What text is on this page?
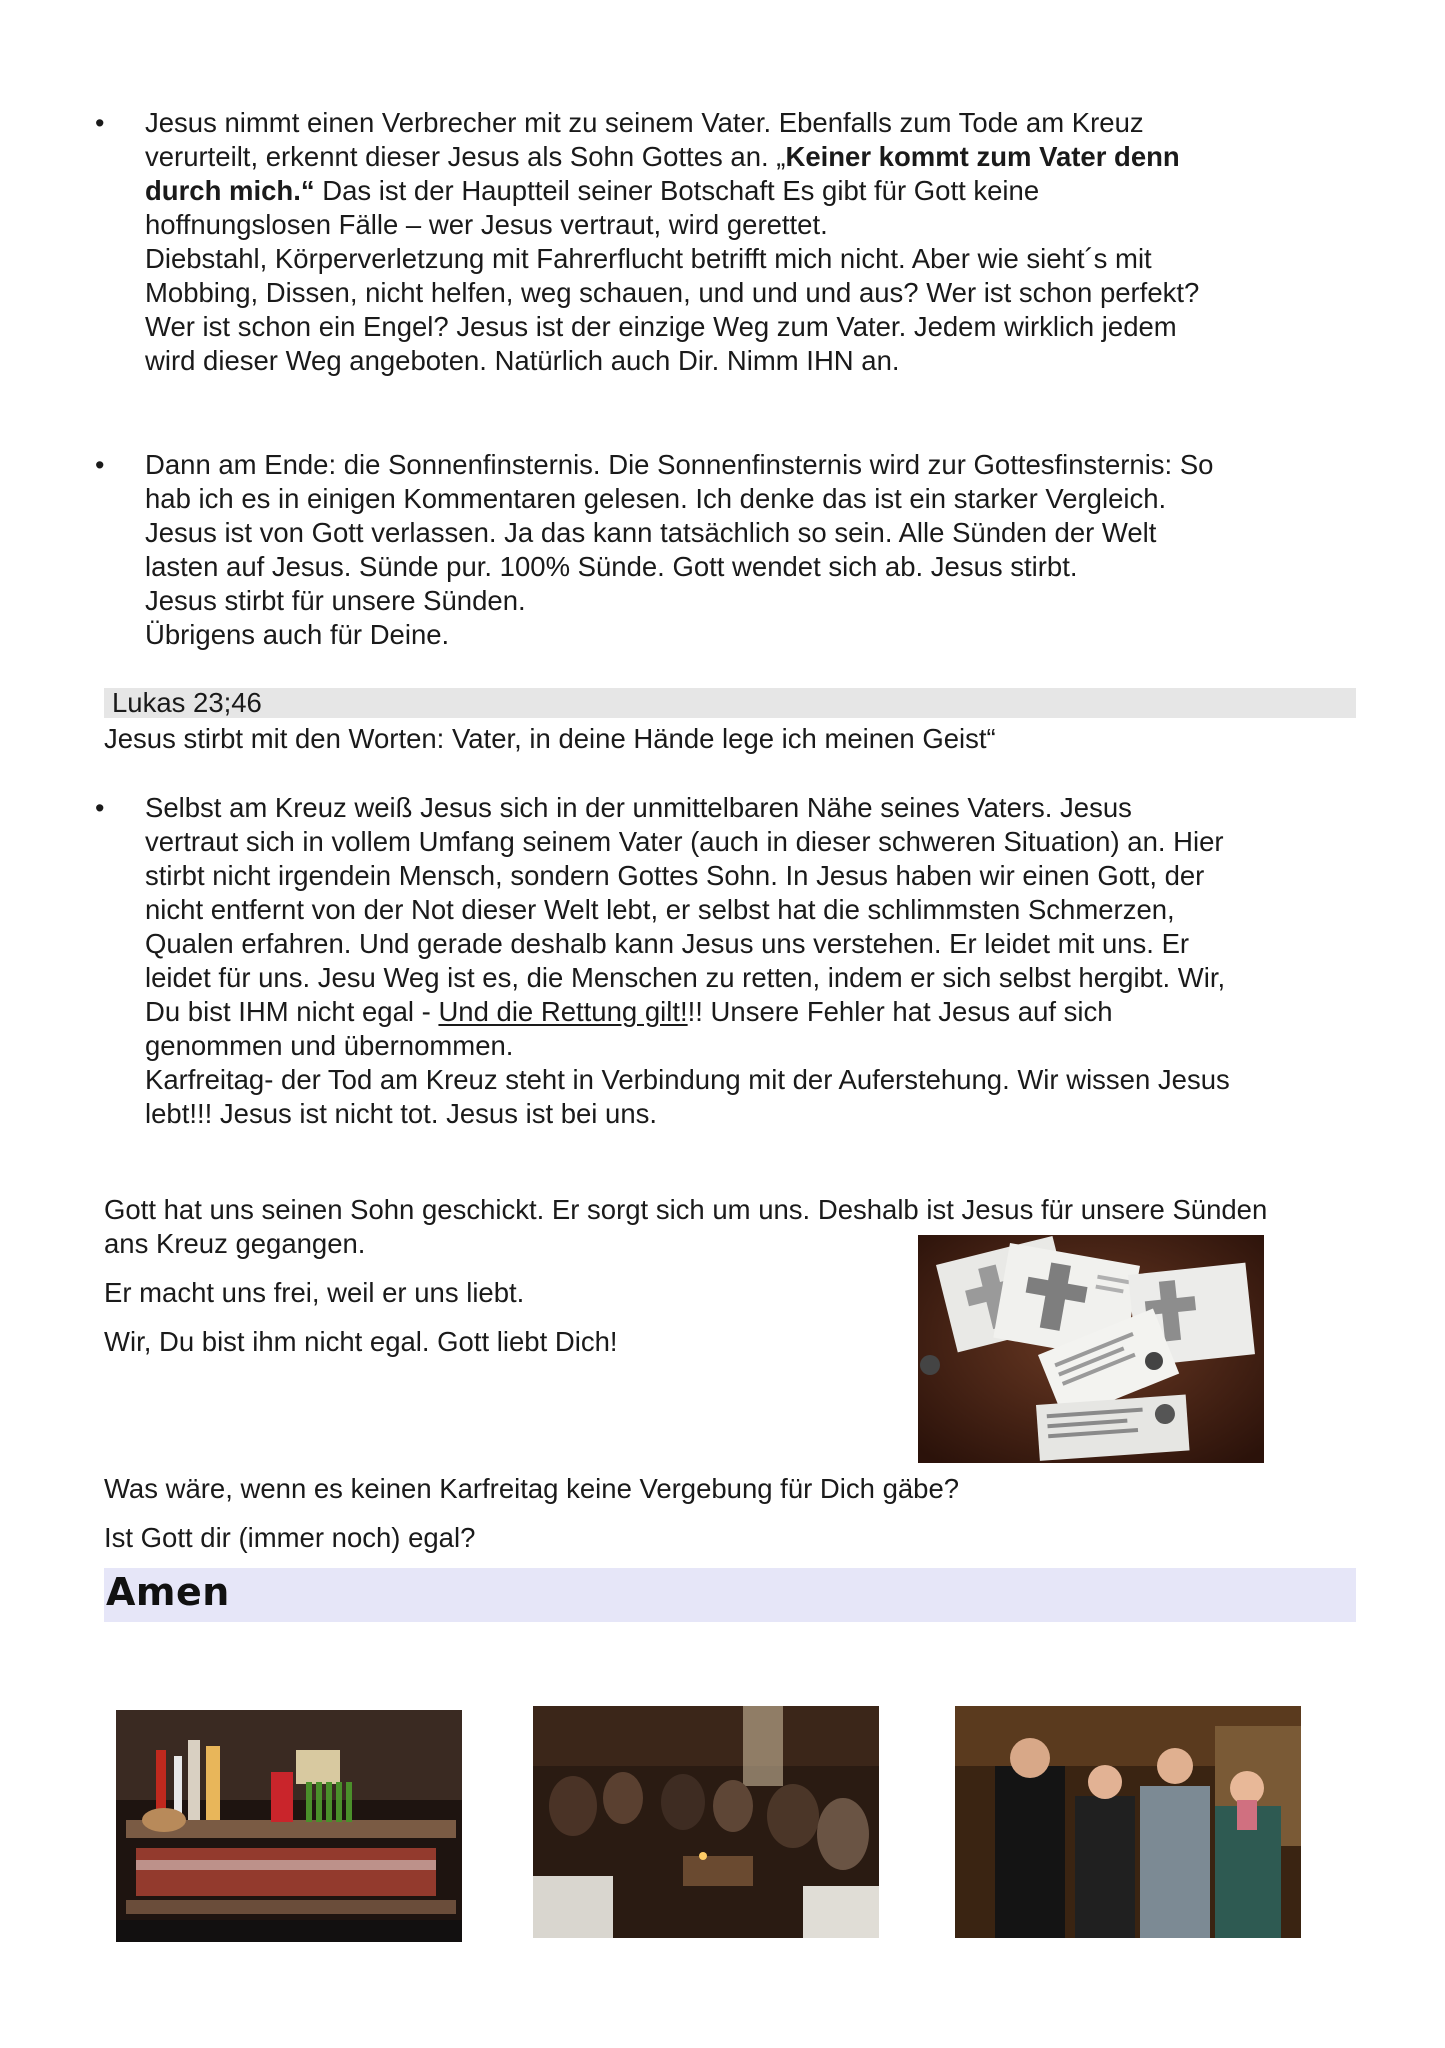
• Jesus nimmt einen Verbrecher mit zu seinem Vater. Ebenfalls zum Tode am Kreuz

verurteilt, erkennt dieser Jesus als Sohn Gottes an. „Keiner kommt zum Vater denn

durch mich.“ Das ist der Hauptteil seiner Botschaft Es gibt für Gott keine

hoffnungslosen Fälle – wer Jesus vertraut, wird gerettet.

Diebstahl, Körperverletzung mit Fahrerflucht betrifft mich nicht. Aber wie sieht´s mit

Mobbing, Dissen, nicht helfen, weg schauen, und und und aus? Wer ist schon perfekt?

Wer ist schon ein Engel? Jesus ist der einzige Weg zum Vater. Jedem wirklich jedem

wird dieser Weg angeboten. Natürlich auch Dir. Nimm IHN an.

• Dann am Ende: die Sonnenfinsternis. Die Sonnenfinsternis wird zur Gottesfinsternis: So

hab ich es in einigen Kommentaren gelesen. Ich denke das ist ein starker Vergleich.

Jesus ist von Gott verlassen. Ja das kann tatsächlich so sein. Alle Sünden der Welt

lasten auf Jesus. Sünde pur. 100% Sünde. Gott wendet sich ab. Jesus stirbt.

Jesus stirbt für unsere Sünden.

Übrigens auch für Deine.

Lukas 23;46

Jesus stirbt mit den Worten: Vater, in deine Hände lege ich meinen Geist“

• Selbst am Kreuz weiß Jesus sich in der unmittelbaren Nähe seines Vaters. Jesus

vertraut sich in vollem Umfang seinem Vater (auch in dieser schweren Situation) an. Hier

stirbt nicht irgendein Mensch, sondern Gottes Sohn. In Jesus haben wir einen Gott, der

nicht entfernt von der Not dieser Welt lebt, er selbst hat die schlimmsten Schmerzen,

Qualen erfahren. Und gerade deshalb kann Jesus uns verstehen. Er leidet mit uns. Er

leidet für uns. Jesu Weg ist es, die Menschen zu retten, indem er sich selbst hergibt. Wir,

Du bist IHM nicht egal - Und die Rettung gilt!!! Unsere Fehler hat Jesus auf sich

genommen und übernommen.

Karfreitag- der Tod am Kreuz steht in Verbindung mit der Auferstehung. Wir wissen Jesus

lebt!!! Jesus ist nicht tot. Jesus ist bei uns.

Gott hat uns seinen Sohn geschickt. Er sorgt sich um uns. Deshalb ist Jesus für unsere Sünden

ans Kreuz gegangen.

Er macht uns frei, weil er uns liebt.

Wir, Du bist ihm nicht egal. Gott liebt Dich!

Was wäre, wenn es keinen Karfreitag keine Vergebung für Dich gäbe?

Ist Gott dir (immer noch) egal?

Amen
